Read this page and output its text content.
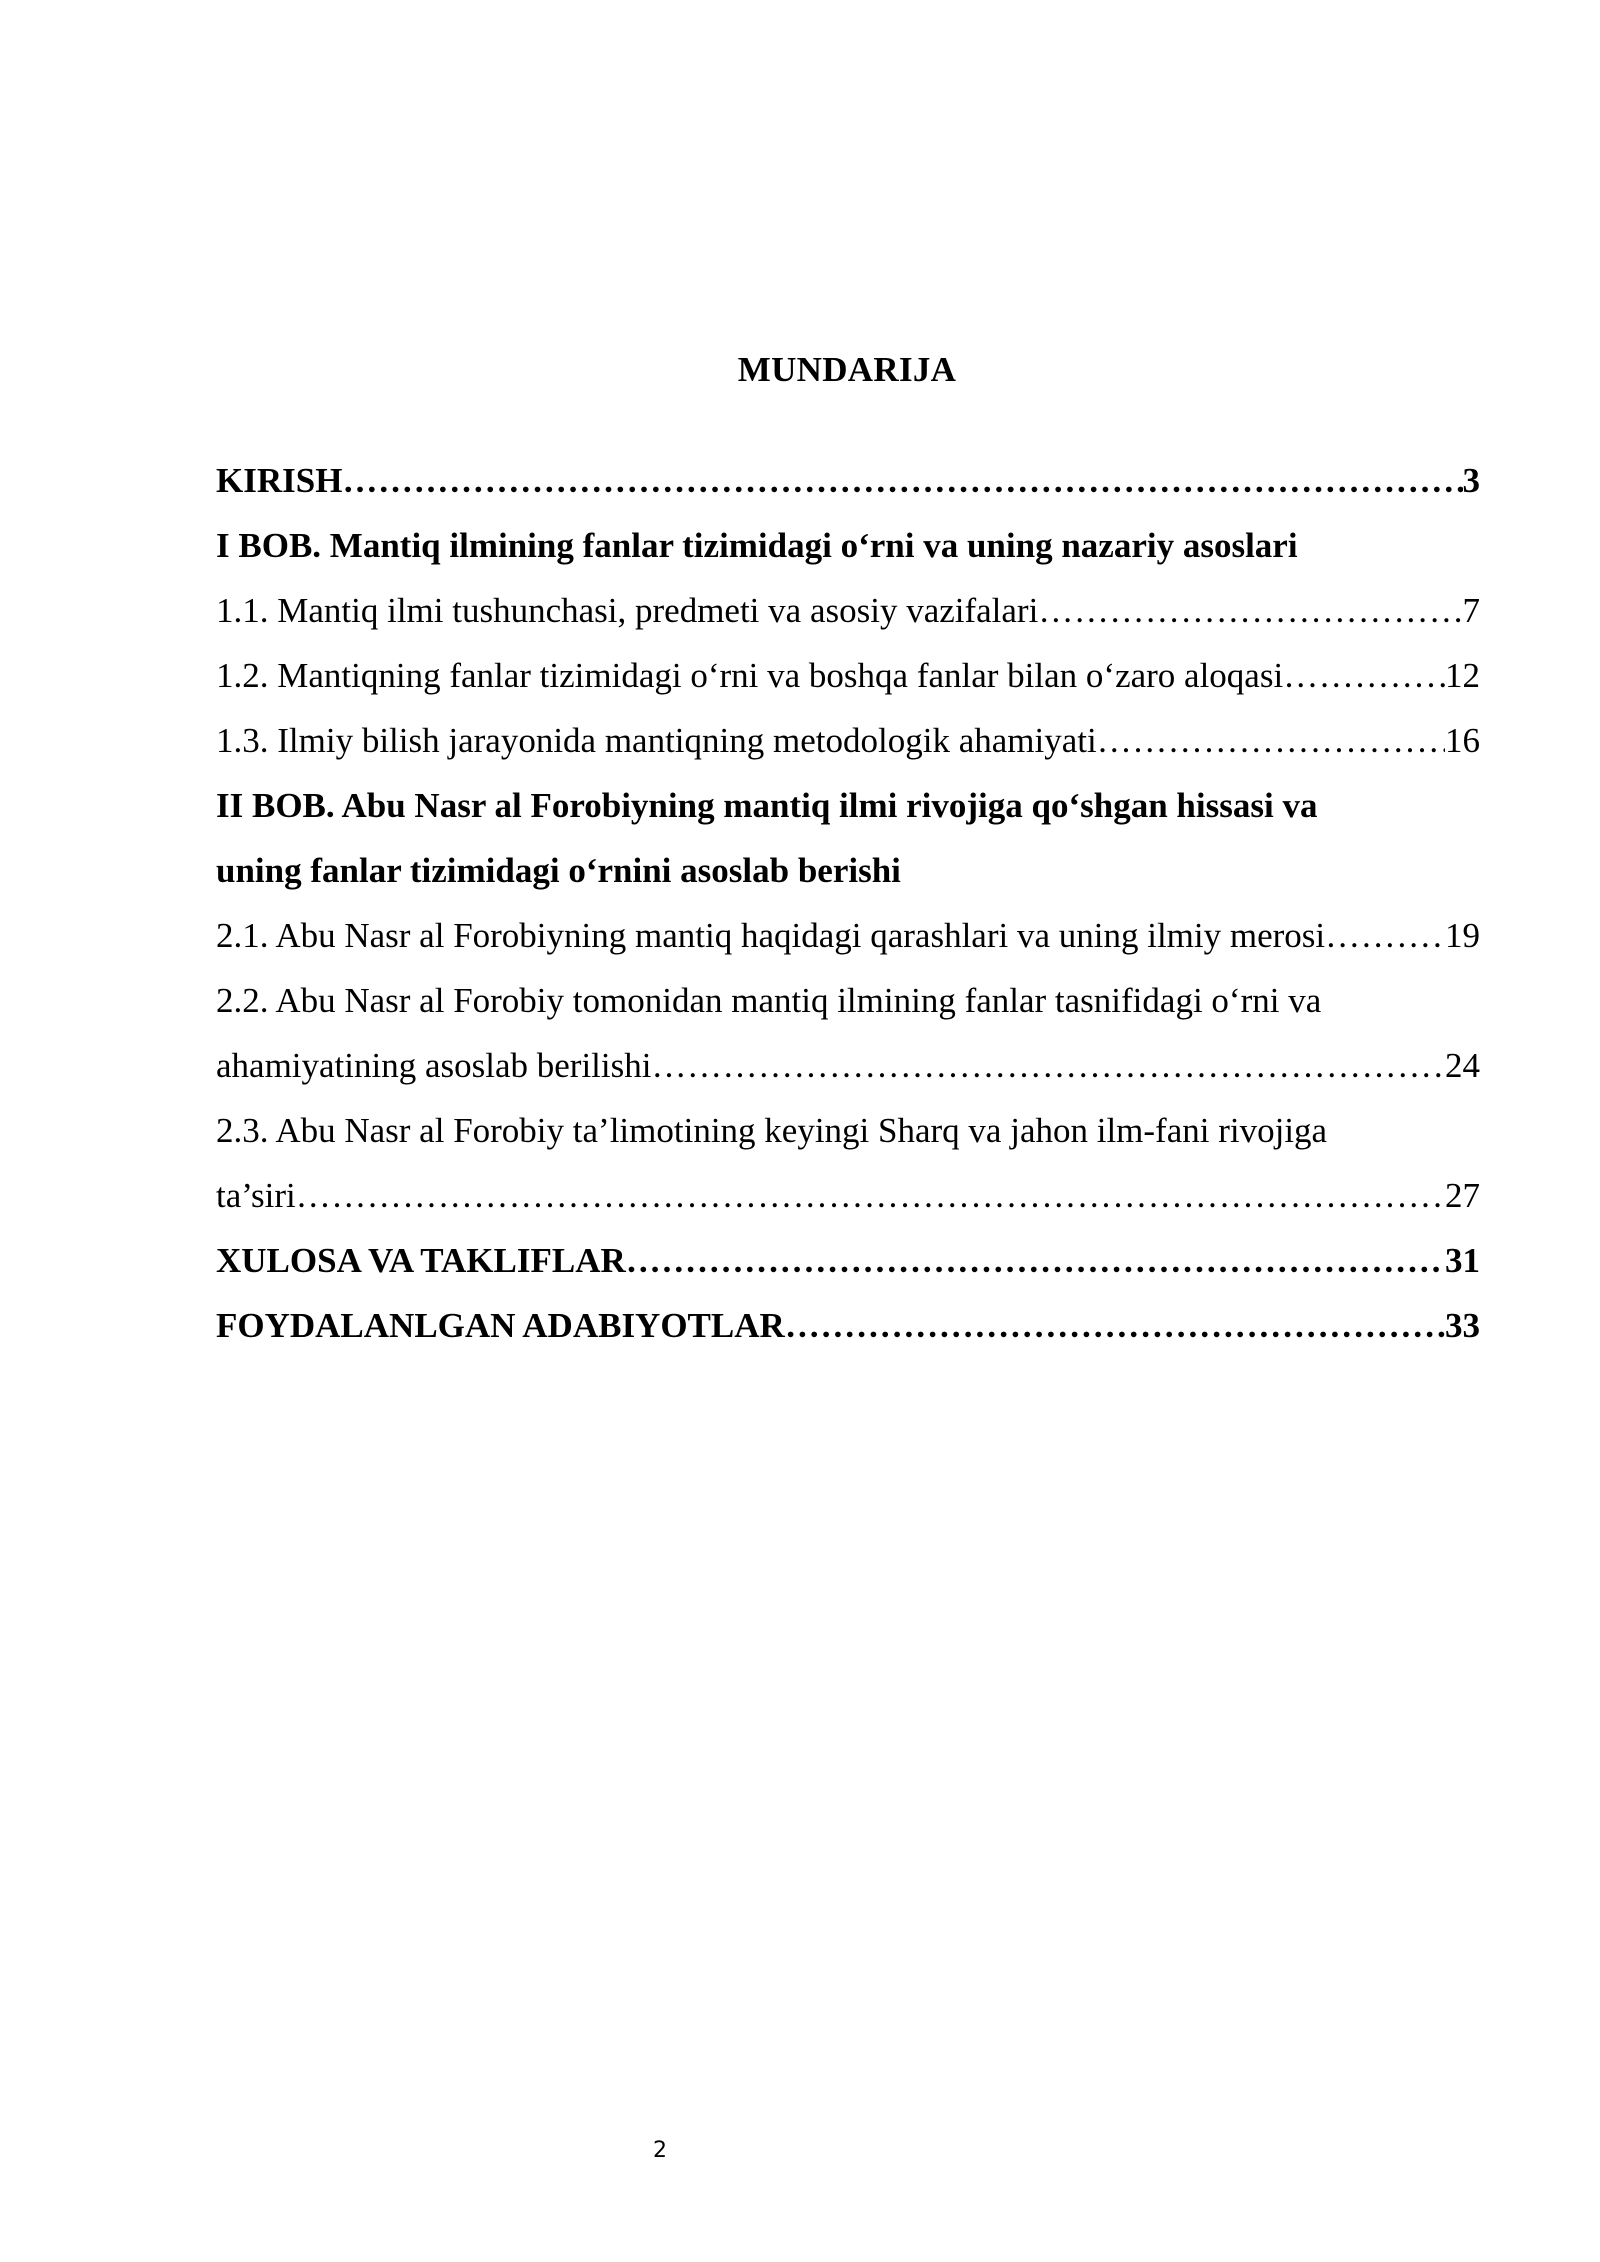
MUNDARIJA
KIRISH …………………………………………………………………………………………………………………………………………………………………………………………………………………………………………	3
I BOB. Mantiq ilmining fanlar tizimidagi o‘rni va uning nazariy asoslari
1.1. Mantiq ilmi tushunchasi, predmeti va asosiy vazifalari …………………………………………………………………………………………………………………………………………………………………………………………………………………………………………	7
1.2. Mantiqning fanlar tizimidagi o‘rni va boshqa fanlar bilan o‘zaro aloqasi …………………………………………………………………………………………………………………………………………………………………………………………………………………………………………	12
1.3. Ilmiy bilish jarayonida mantiqning metodologik ahamiyati …………………………………………………………………………………………………………………………………………………………………………………………………………………………………………	16
II BOB. Abu Nasr al Forobiyning mantiq ilmi rivojiga qo‘shgan hissasi va
uning fanlar tizimidagi o‘rnini asoslab berishi
2.1. Abu Nasr al Forobiyning mantiq haqidagi qarashlari va uning ilmiy merosi …………………………………………………………………………………………………………………………………………………………………………………………………………………………………………	19
2.2. Abu Nasr al Forobiy tomonidan mantiq ilmining fanlar tasnifidagi o‘rni va
ahamiyatining asoslab berilishi …………………………………………………………………………………………………………………………………………………………………………………………………………………………………………	24
2.3. Abu Nasr al Forobiy ta’limotining keyingi Sharq va jahon ilm-fani rivojiga
ta’siri …………………………………………………………………………………………………………………………………………………………………………………………………………………………………………	27
XULOSA VA TAKLIFLAR …………………………………………………………………………………………………………………………………………………………………………………………………………………………………………	31
FOYDALANLGAN ADABIYOTLAR …………………………………………………………………………………………………………………………………………………………………………………………………………………………………………	33
2
